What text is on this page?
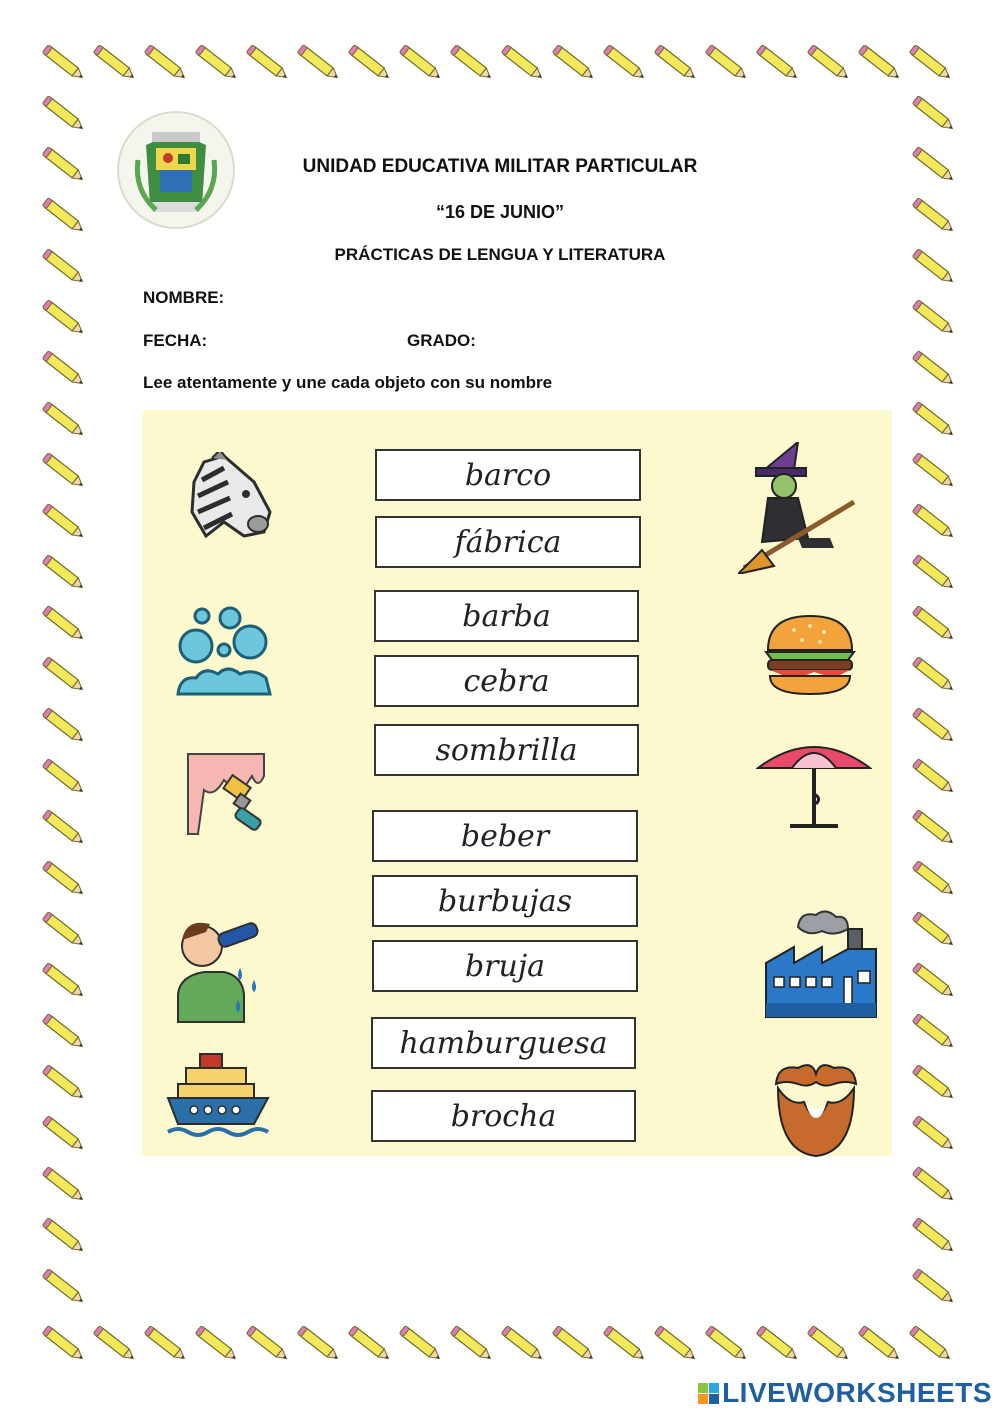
UNIDAD EDUCATIVA MILITAR PARTICULAR
“16 DE JUNIO”
PRÁCTICAS DE LENGUA Y LITERATURA
NOMBRE:
FECHA:	GRADO:
Lee atentamente y une cada objeto con su nombre
barco
fábrica
barba
cebra
sombrilla
beber
burbujas
bruja
hamburguesa
brocha
LIVEWORKSHEETS
